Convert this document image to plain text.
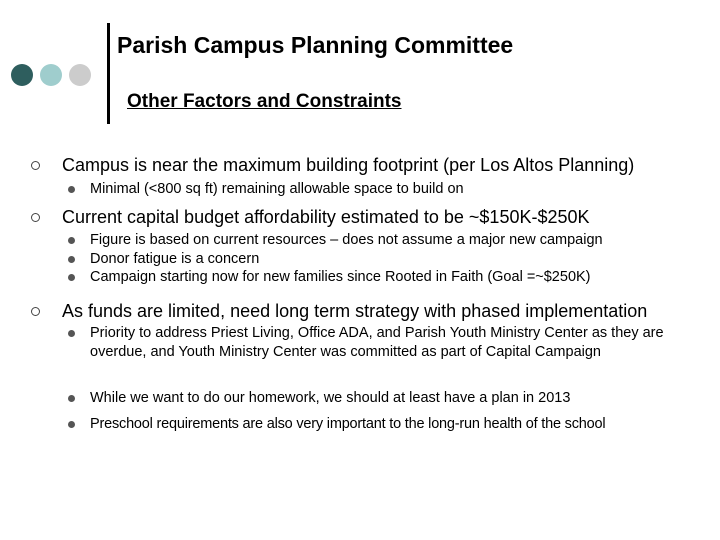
Parish Campus Planning Committee
Other Factors and Constraints
Campus is near the maximum building footprint (per Los Altos Planning)
Minimal (<800 sq ft) remaining allowable space to build on
Current capital budget affordability estimated to be ~$150K-$250K
Figure is based on current resources – does not assume a major new campaign
Donor fatigue is a concern
Campaign starting now for new families since Rooted in Faith (Goal =~$250K)
As funds are limited, need long term strategy with phased implementation
Priority to address Priest Living, Office ADA, and Parish Youth Ministry Center as they are overdue, and Youth Ministry Center was committed as part of Capital Campaign
While we want to do our homework, we should at least have a plan in 2013
Preschool requirements are also very important to the long-run health of the school
